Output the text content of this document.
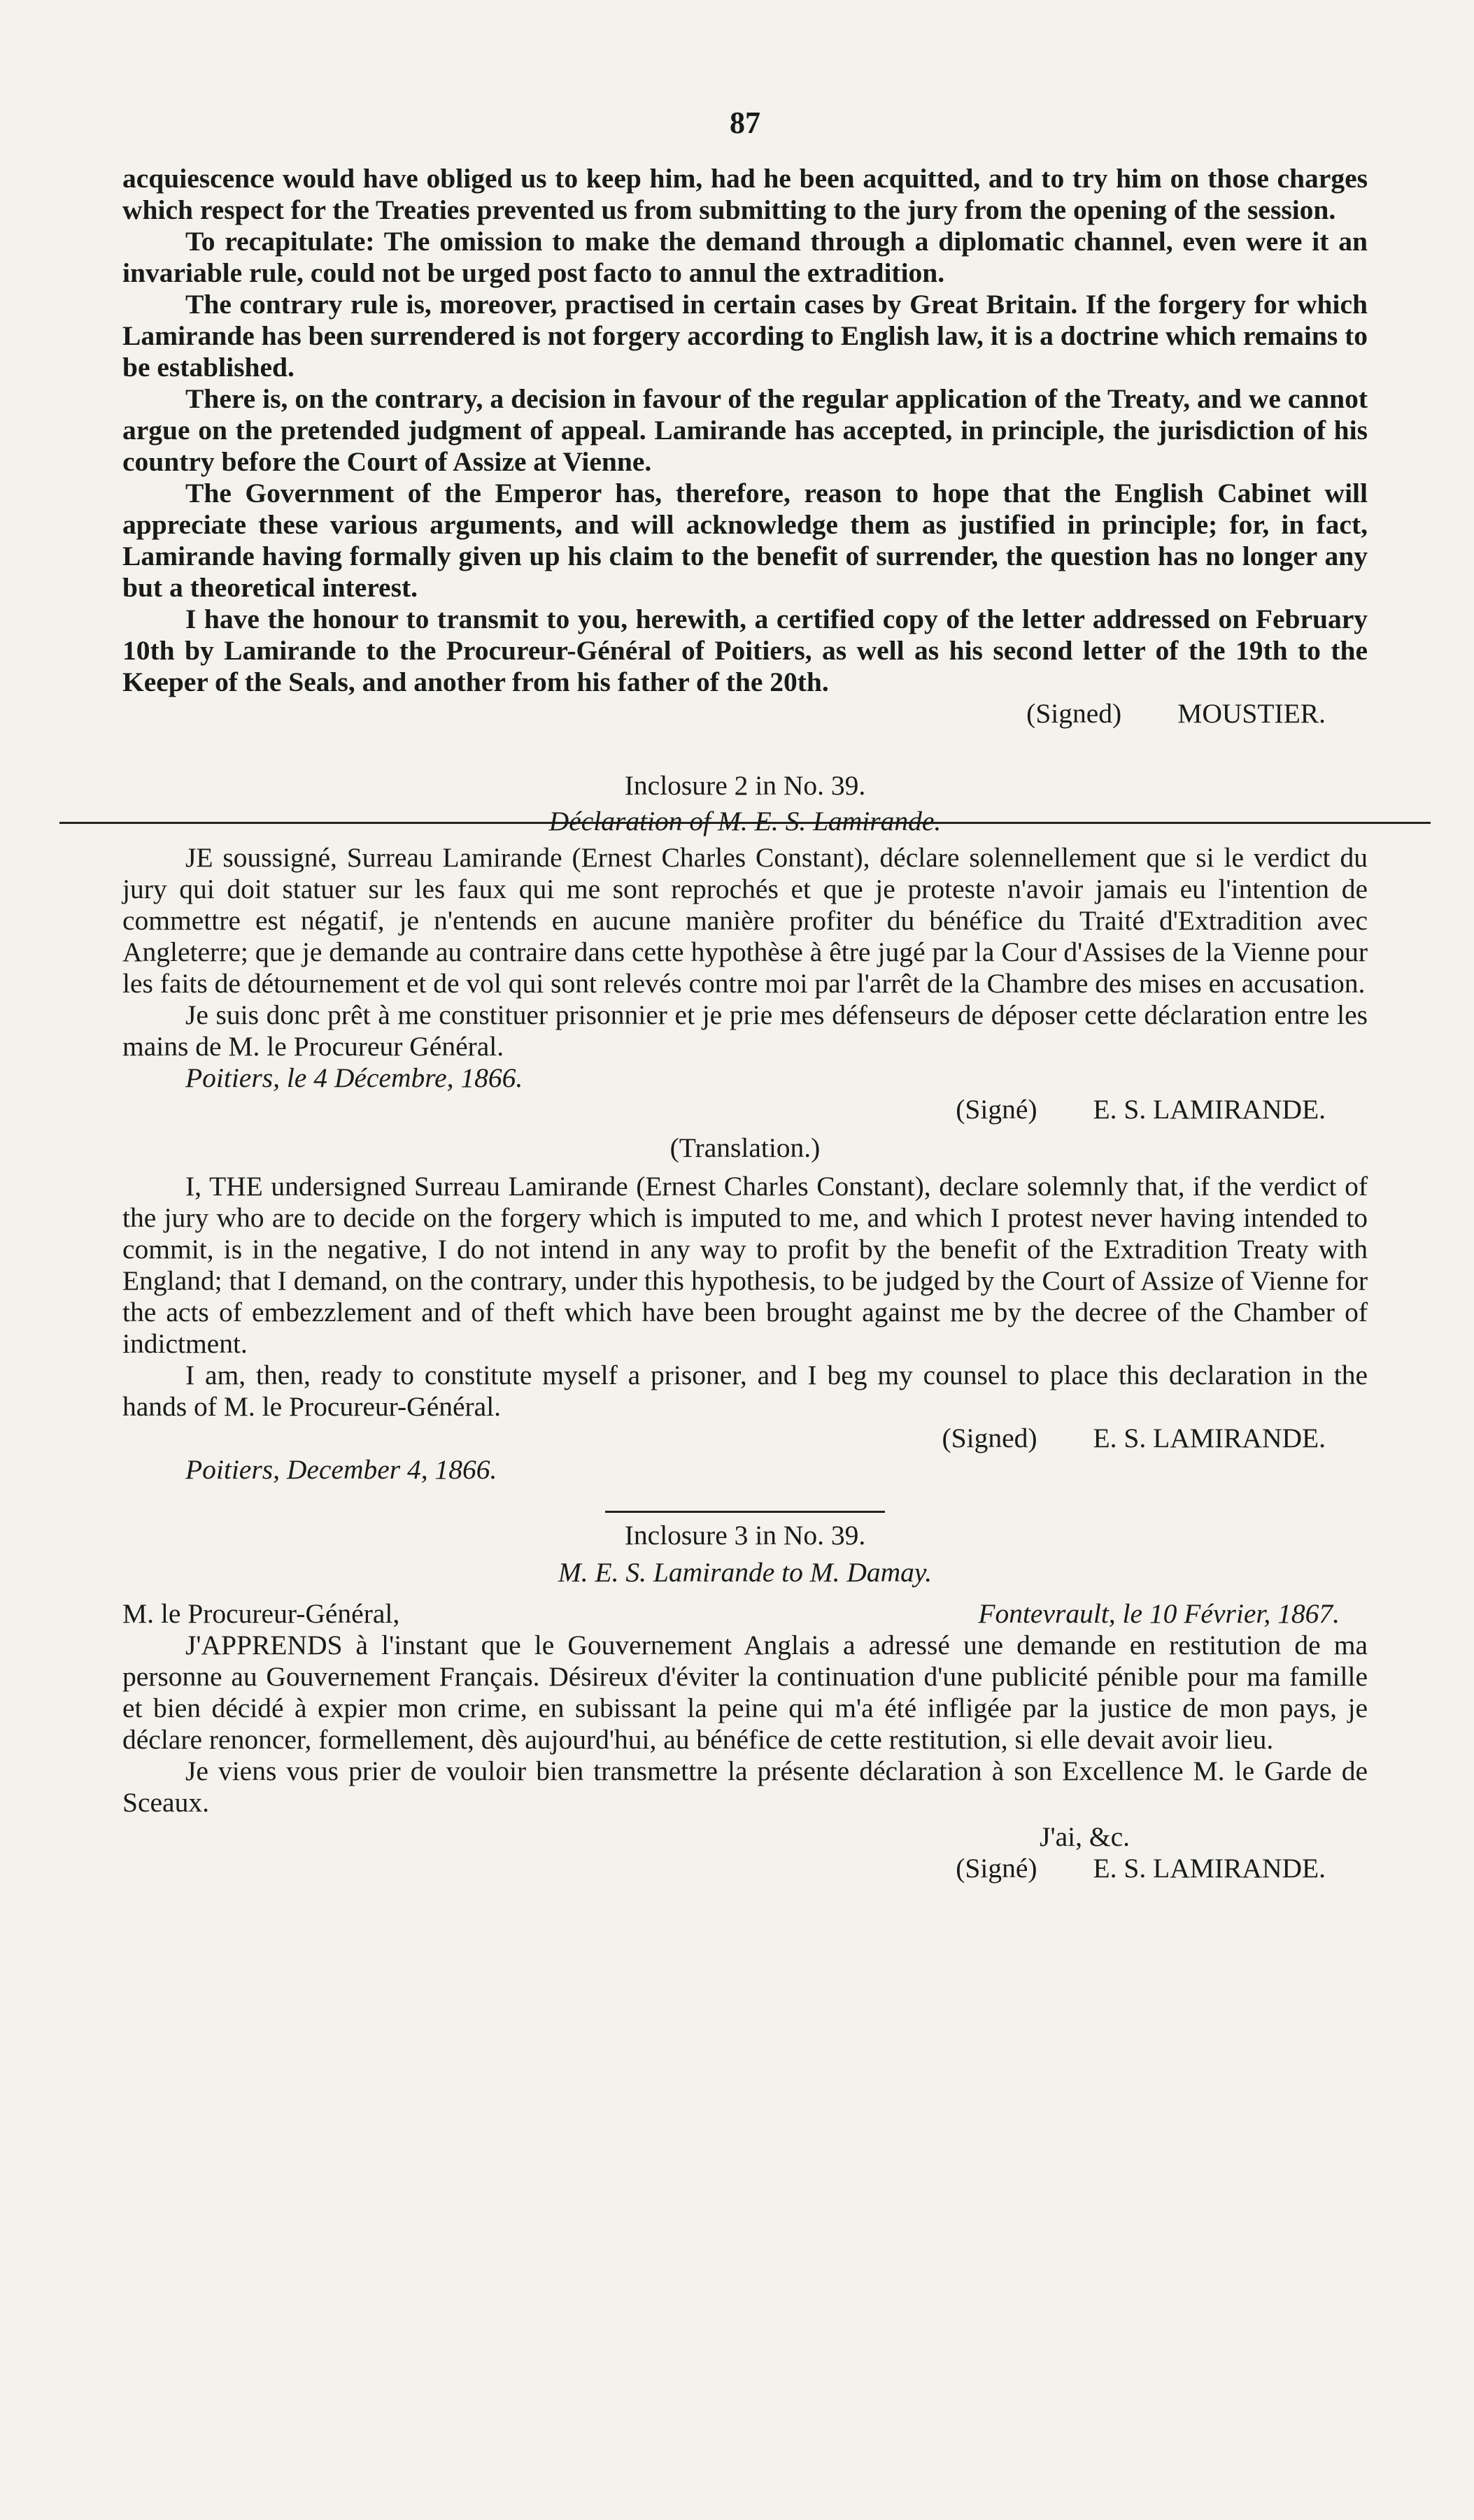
87

acquiescence would have obliged us to keep him, had he been acquitted, and to try him on those charges which respect for the Treaties prevented us from submitting to the jury from the opening of the session.

To recapitulate: The omission to make the demand through a diplomatic channel, even were it an invariable rule, could not be urged post facto to annul the extradition.

The contrary rule is, moreover, practised in certain cases by Great Britain. If the forgery for which Lamirande has been surrendered is not forgery according to English law, it is a doctrine which remains to be established.

There is, on the contrary, a decision in favour of the regular application of the Treaty, and we cannot argue on the pretended judgment of appeal. Lamirande has accepted, in principle, the jurisdiction of his country before the Court of Assize at Vienne.

The Government of the Emperor has, therefore, reason to hope that the English Cabinet will appreciate these various arguments, and will acknowledge them as justified in principle; for, in fact, Lamirande having formally given up his claim to the benefit of surrender, the question has no longer any but a theoretical interest.

I have the honour to transmit to you, herewith, a certified copy of the letter addressed on February 10th by Lamirande to the Procureur-Général of Poitiers, as well as his second letter of the 19th to the Keeper of the Seals, and another from his father of the 20th.

(Signed) MOUSTIER.
Inclosure 2 in No. 39.
Déclaration of M. E. S. Lamirande.

JE soussigné, Surreau Lamirande (Ernest Charles Constant), déclare solennellement que si le verdict du jury qui doit statuer sur les faux qui me sont reprochés et que je proteste n'avoir jamais eu l'intention de commettre est négatif, je n'entends en aucune manière profiter du bénéfice du Traité d'Extradition avec Angleterre; que je demande au contraire dans cette hypothèse à être jugé par la Cour d'Assises de la Vienne pour les faits de détournement et de vol qui sont relevés contre moi par l'arrêt de la Chambre des mises en accusation.

Je suis donc prêt à me constituer prisonnier et je prie mes défenseurs de déposer cette déclaration entre les mains de M. le Procureur Général.

Poitiers, le 4 Décembre, 1866.

(Signé) E. S. LAMIRANDE.
(Translation.)

I, THE undersigned Surreau Lamirande (Ernest Charles Constant), declare solemnly that, if the verdict of the jury who are to decide on the forgery which is imputed to me, and which I protest never having intended to commit, is in the negative, I do not intend in any way to profit by the benefit of the Extradition Treaty with England; that I demand, on the contrary, under this hypothesis, to be judged by the Court of Assize of Vienne for the acts of embezzlement and of theft which have been brought against me by the decree of the Chamber of indictment.

I am, then, ready to constitute myself a prisoner, and I beg my counsel to place this declaration in the hands of M. le Procureur-Général.

(Signed) E. S. LAMIRANDE.

Poitiers, December 4, 1866.

Inclosure 3 in No. 39.
M. E. S. Lamirande to M. Damay.
M. le Procureur-Général,	Fontevrault, le 10 Février, 1867.

J'APPRENDS à l'instant que le Gouvernement Anglais a adressé une demande en restitution de ma personne au Gouvernement Français. Désireux d'éviter la continuation d'une publicité pénible pour ma famille et bien décidé à expier mon crime, en subissant la peine qui m'a été infligée par la justice de mon pays, je déclare renoncer, formellement, dès aujourd'hui, au bénéfice de cette restitution, si elle devait avoir lieu.

Je viens vous prier de vouloir bien transmettre la présente déclaration à son Excellence M. le Garde de Sceaux.

J'ai, &c.
(Signé) E. S. LAMIRANDE.
